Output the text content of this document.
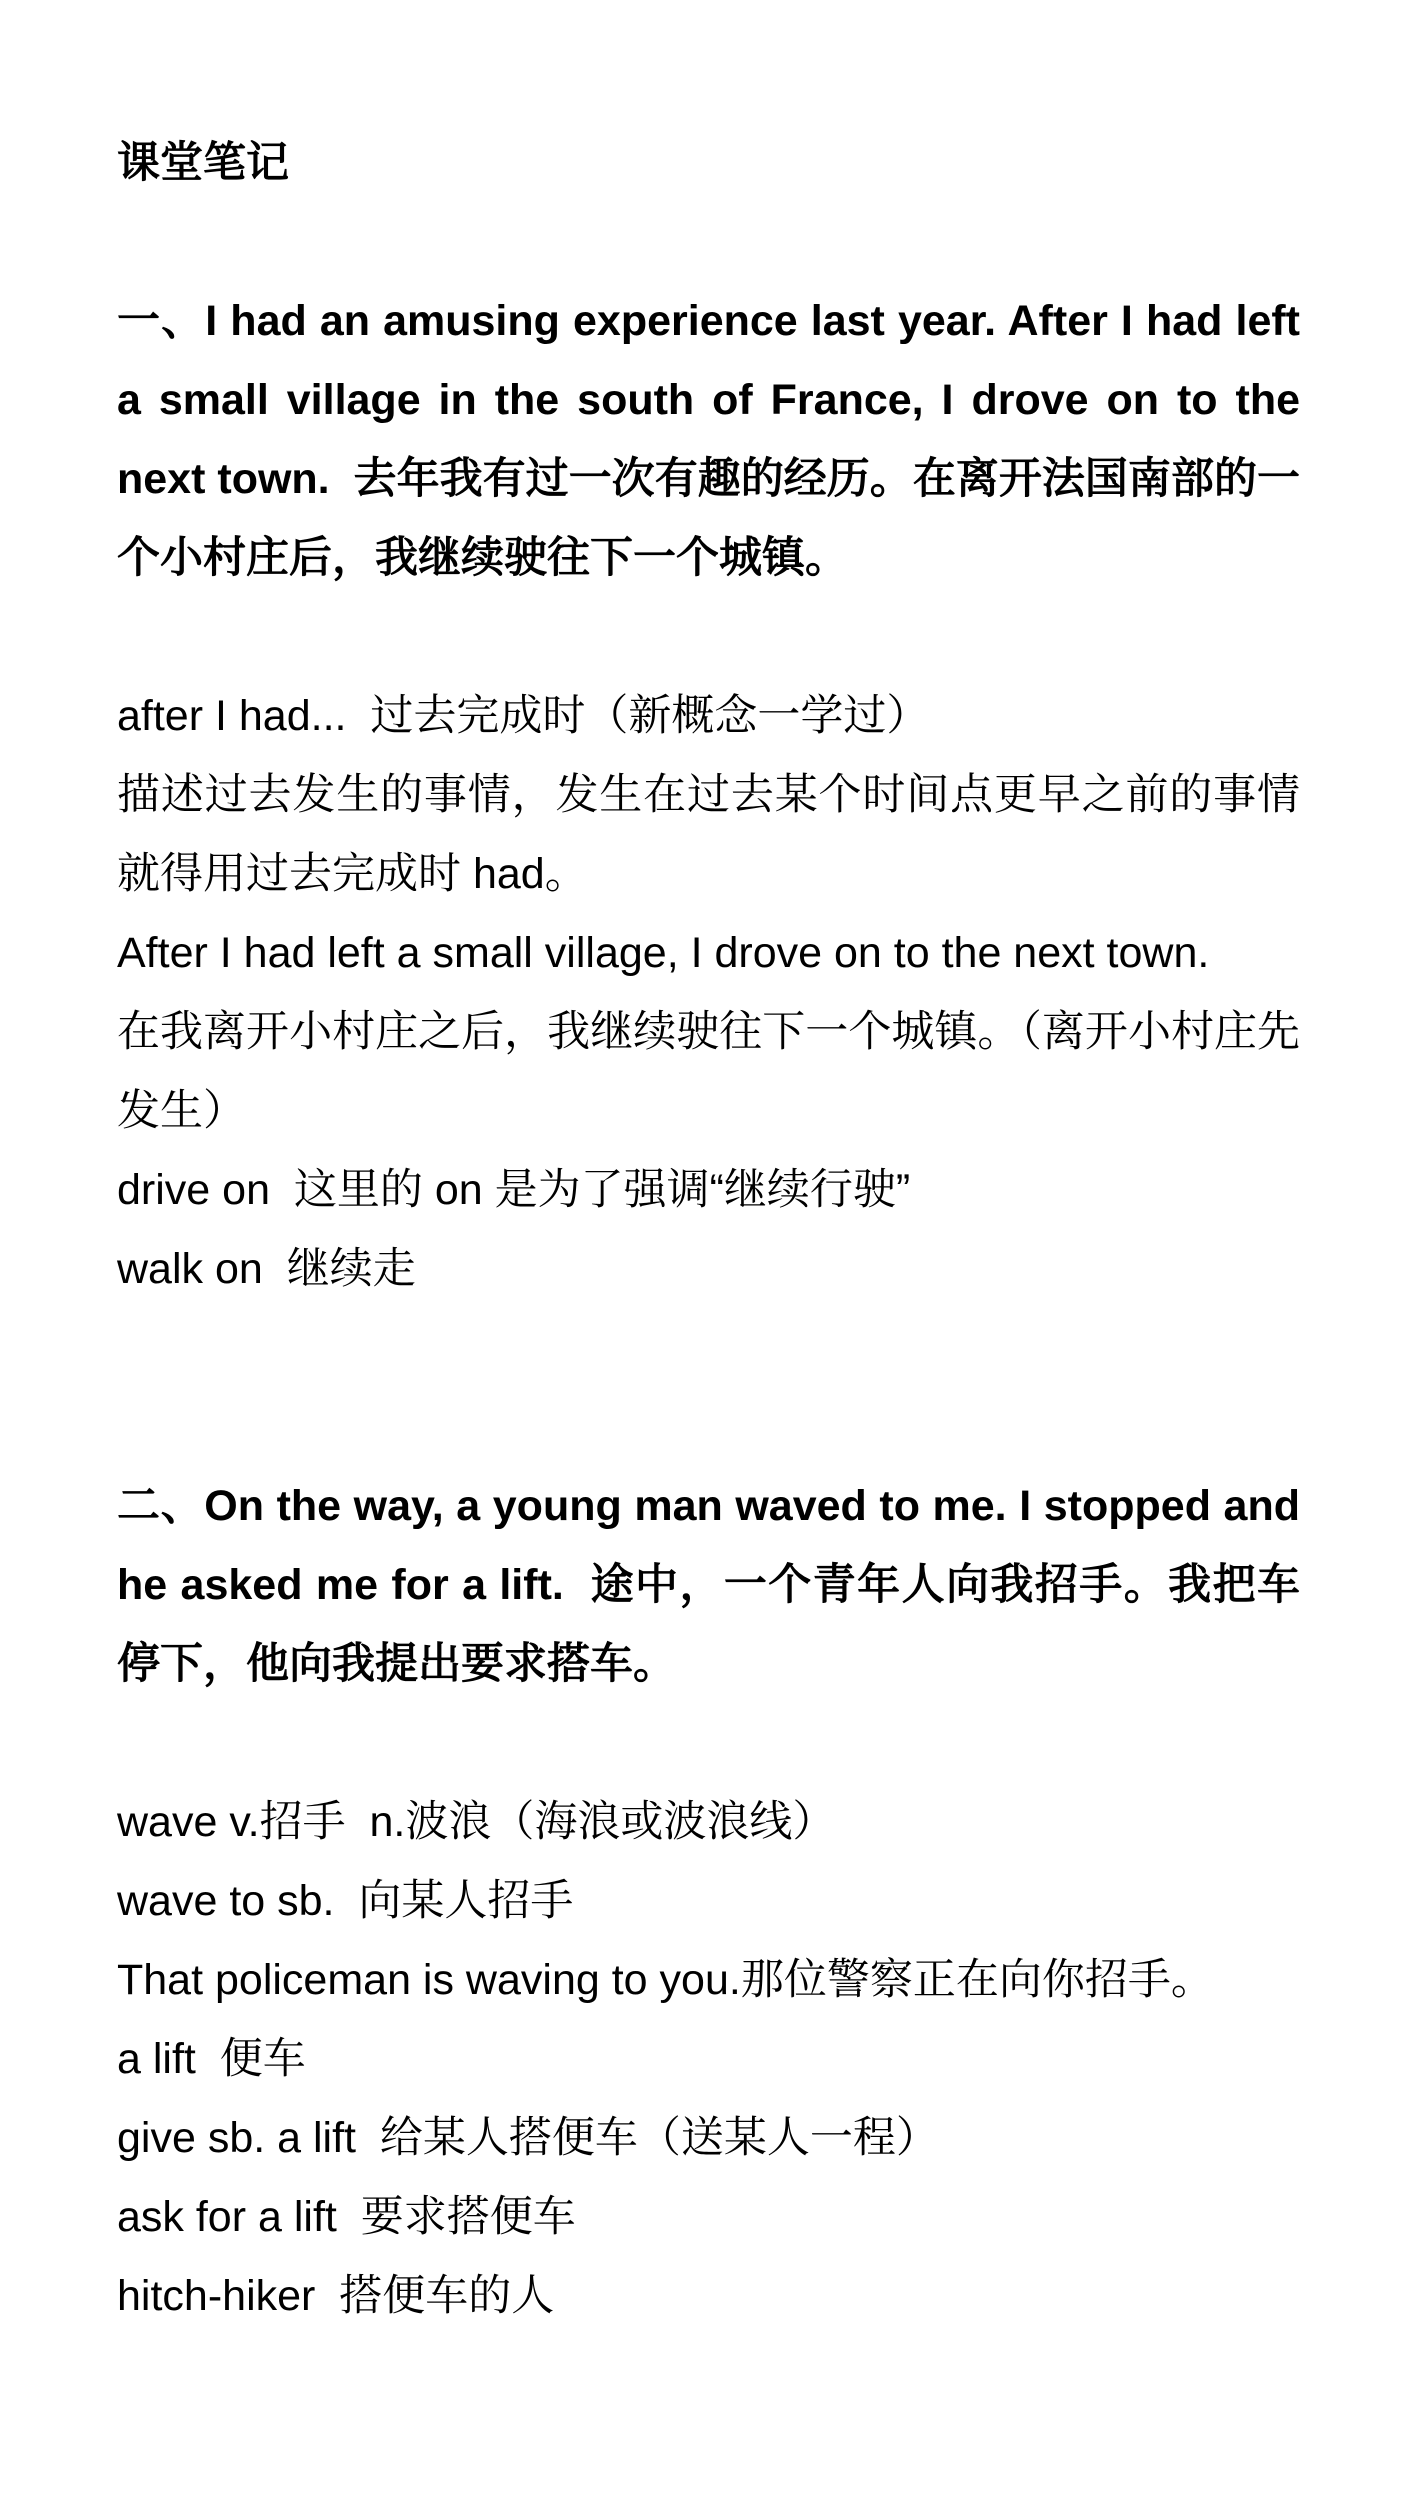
课堂笔记

一、I had an amusing experience last year. After I had left a small village in the south of France, I drove on to the next town.  去年我有过一次有趣的经历。在离开法国南部的一个小村庄后，我继续驶往下一个城镇。

after I had...  过去完成时（新概念一学过）

描述过去发生的事情，发生在过去某个时间点更早之前的事情就得用过去完成时 had。

After I had left a small village, I drove on to the next town.

在我离开小村庄之后，我继续驶往下一个城镇。（离开小村庄先发生）

drive on  这里的 on 是为了强调“继续行驶”

walk on  继续走

二、On the way, a young man waved to me. I stopped and he asked me for a lift.  途中，一个青年人向我招手。我把车停下，他向我提出要求搭车。

wave v.招手  n.波浪（海浪或波浪线）

wave to sb.  向某人招手

That policeman is waving to you.那位警察正在向你招手。

a lift  便车

give sb. a lift  给某人搭便车（送某人一程）

ask for a lift  要求搭便车

hitch-hiker  搭便车的人
